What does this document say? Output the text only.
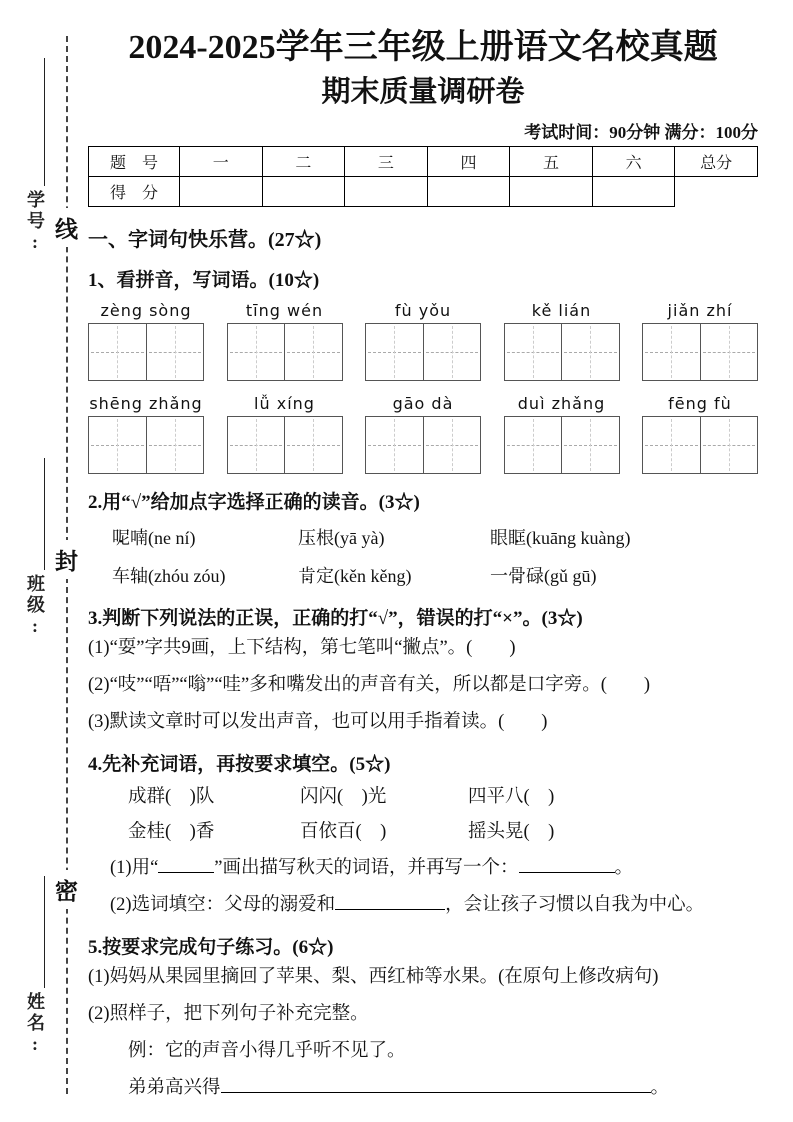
学号:
班级:
姓名:
线
封
密
2024-2025学年三年级上册语文名校真题
期末质量调研卷
考试时间：90分钟 满分：100分
题　号	一	二	三	四	五	六	总分
得　分							
一、字词句快乐营。(27☆)
1、看拼音，写词语。(10☆)
zèng sòng	tīng wén	fù yǒu	kě lián	jiǎn zhí
shēng zhǎng	lǚ xíng	gāo dà	duì zhǎng	fēng fù
2.用“√”给加点字选择正确的读音。(3☆)
呢 •喃(ne ní)	压 •根(yā yà)	眼眶 •(kuāng kuàng)
车轴 •(zhóu zóu)	肯 •定(kěn kěng)	一骨 •碌(gǔ gū)
3.判断下列说法的正误，正确的打“√”，错误的打“×”。(3☆)
(1)“耍”字共9画，上下结构，第七笔叫“撇点”。(　　)
(2)“吱”“唔”“嗡”“哇”多和嘴发出的声音有关，所以都是口字旁。(　　)
(3)默读文章时可以发出声音，也可以用手指着读。(　　)
4.先补充词语，再按要求填空。(5☆)
成群(　)队	闪闪(　)光	四平八(　)
金桂(　)香	百依百(　)	摇头晃(　)
(1)用“	”画出描写秋天的词语，并再写一个：	。
(2)选词填空：父母的溺爱和	，会让孩子习惯以自我为中心。
5.按要求完成句子练习。(6☆)
(1)妈妈从果园里摘回了苹果、梨、西红柿等水果。(在原句上修改病句)
(2)照样子，把下列句子补充完整。
例：它的声音小得几乎听不见了。
弟弟高兴得	。
